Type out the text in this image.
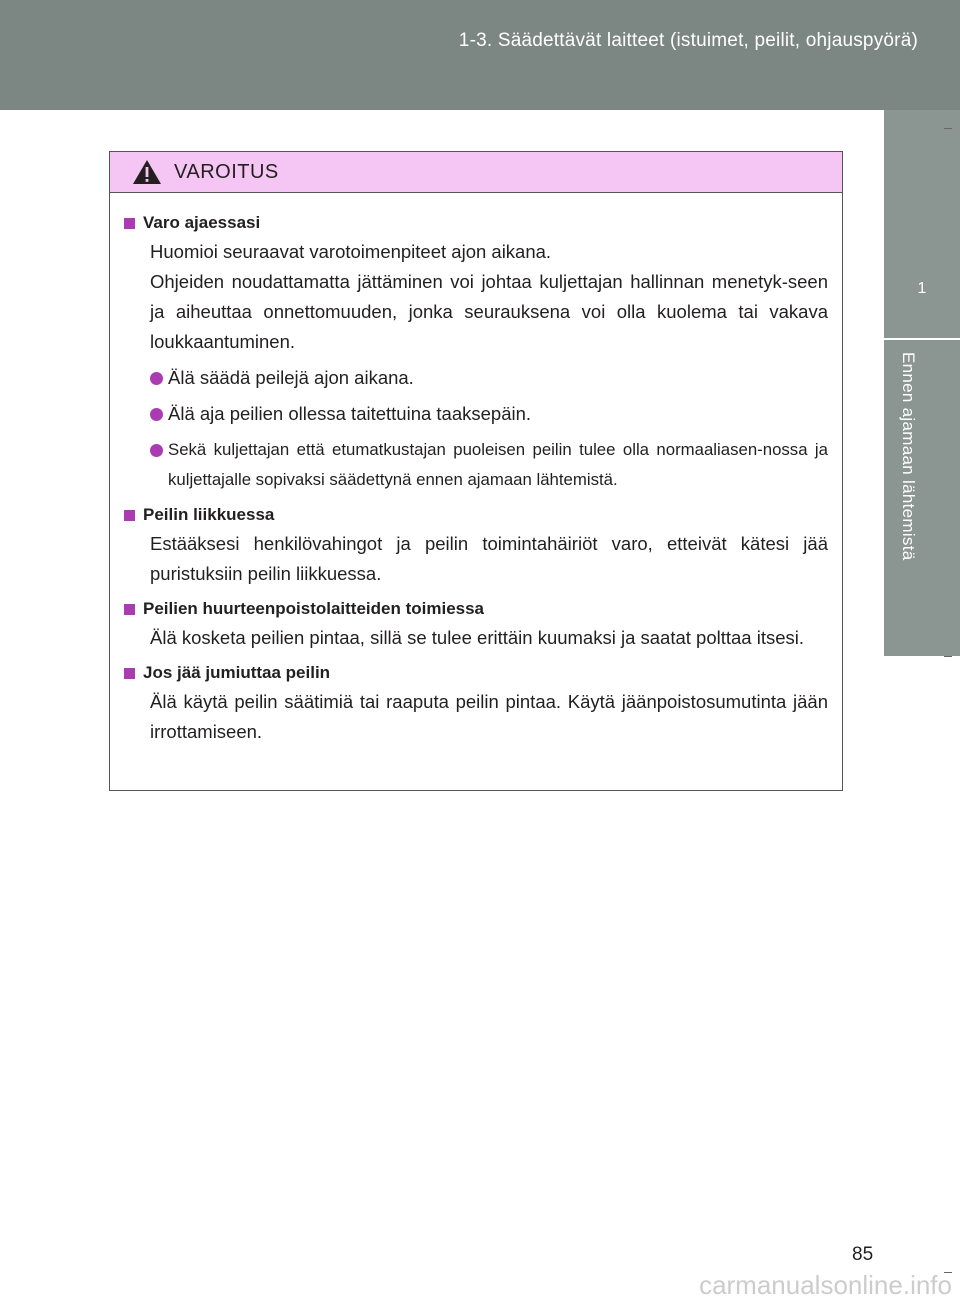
1-3. Säädettävät laitteet (istuimet, peilit, ohjauspyörä)
1
Ennen ajamaan lähtemistä
VAROITUS
Varo ajaessasi
Huomioi seuraavat varotoimenpiteet ajon aikana.
Ohjeiden noudattamatta jättäminen voi johtaa kuljettajan hallinnan menetyk-seen ja aiheuttaa onnettomuuden, jonka seurauksena voi olla kuolema tai vakava loukkaantuminen.
Älä säädä peilejä ajon aikana.
Älä aja peilien ollessa taitettuina taaksepäin.
Sekä kuljettajan että etumatkustajan puoleisen peilin tulee olla normaaliasen-nossa ja kuljettajalle sopivaksi säädettynä ennen ajamaan lähtemistä.
Peilin liikkuessa
Estääksesi henkilövahingot ja peilin toimintahäiriöt varo, etteivät kätesi jää puristuksiin peilin liikkuessa.
Peilien huurteenpoistolaitteiden toimiessa
Älä kosketa peilien pintaa, sillä se tulee erittäin kuumaksi ja saatat polttaa itsesi.
Jos jää jumiuttaa peilin
Älä käytä peilin säätimiä tai raaputa peilin pintaa. Käytä jäänpoistosumutinta jään irrottamiseen.
85
carmanualsonline.info
